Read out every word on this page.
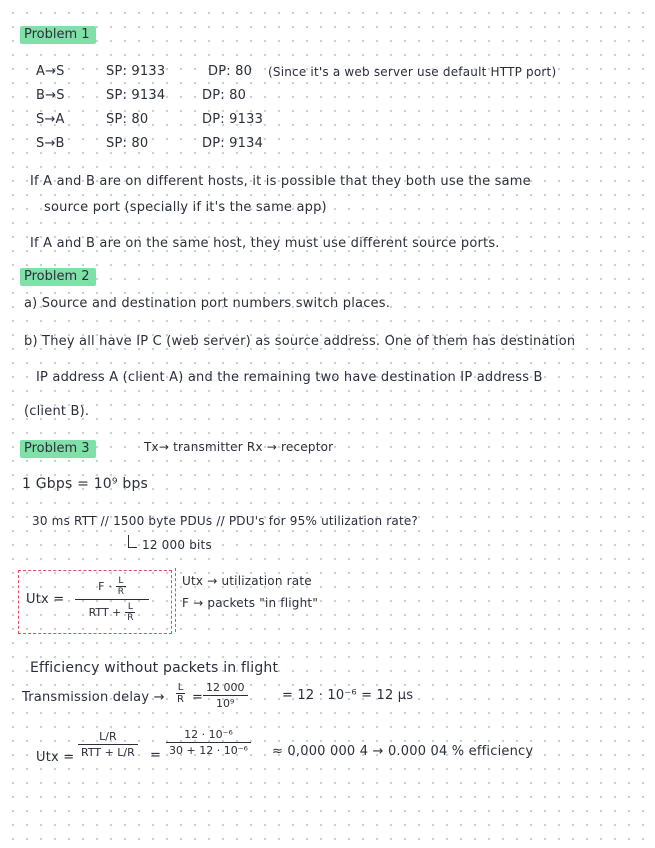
Problem 1
A→S	SP: 9133	DP: 80 (Since it's a web server use default HTTP port)
B→S	SP: 9134	DP: 80
S→A	SP: 80	DP: 9133
S→B	SP: 80	DP: 9134
If A and B are on different hosts, it is possible that they both use the same
source port (specially if it's the same app)
If A and B are on the same host, they must use different source ports.
Problem 2
a) Source and destination port numbers switch places.
b) They all have IP C (web server) as source address. One of them has destination
IP address A (client A) and the remaining two have destination IP address B
(client B).
Problem 3	Tx→ transmitter Rx → receptor
1 Gbps = 10⁹ bps
30 ms RTT // 1500 byte PDUs // PDU's for 95% utilization rate?
12 000 bits
Utx =
F · L
R
RTT + L
R
Utx → utilization rate
F → packets "in flight"
Efficiency without packets in flight
Transmission delay →
L
R =
12 000
10⁹
= 12 · 10⁻⁶ = 12 μs
Utx =
L/R
RTT + L/R =
12 · 10⁻⁶
30 + 12 · 10⁻⁶ ≈ 0,000 000 4 → 0.000 04 % efficiency
